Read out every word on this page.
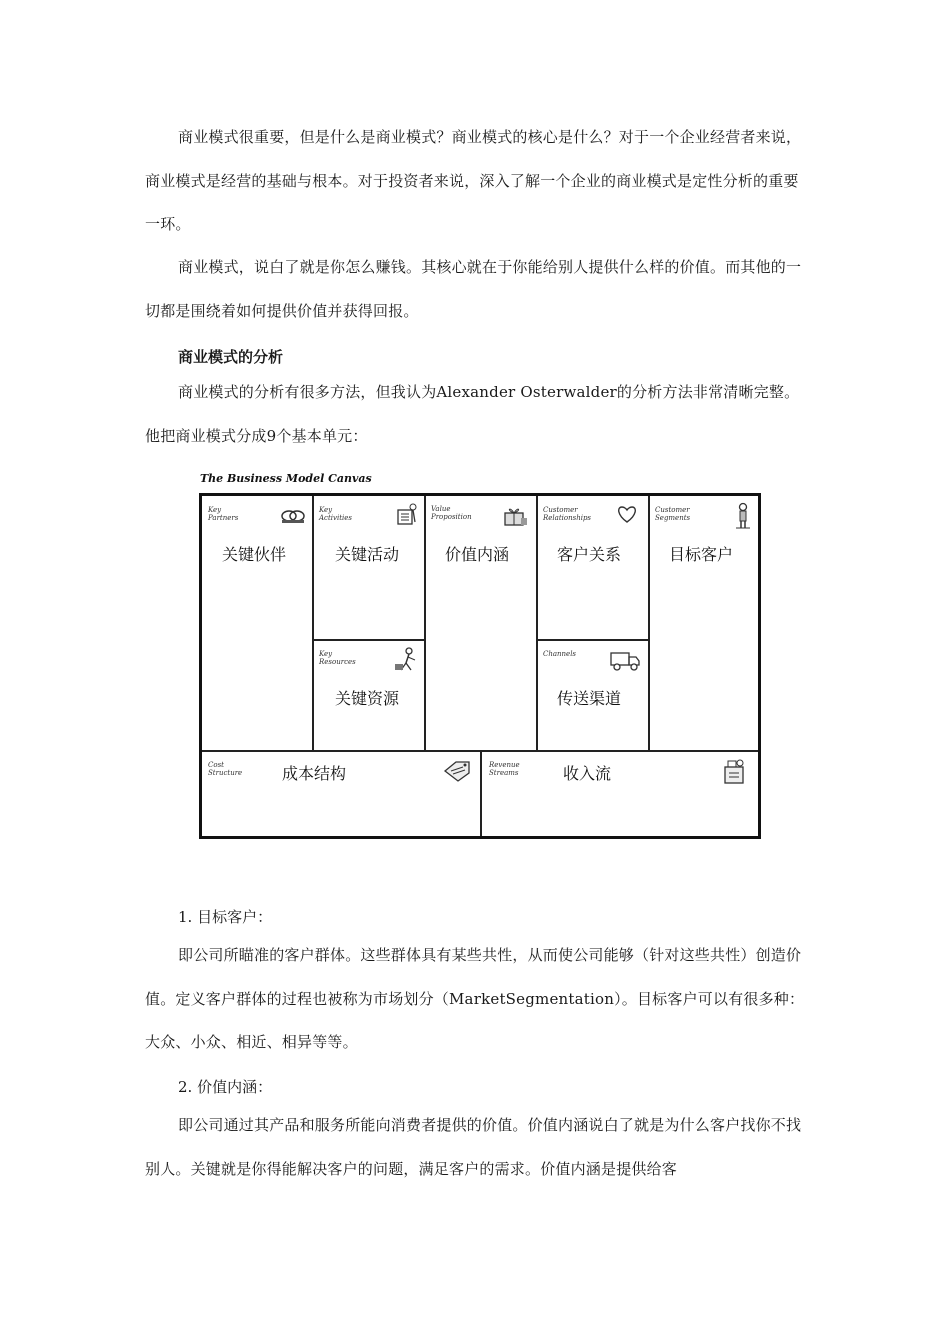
商业模式很重要，但是什么是商业模式？商业模式的核心是什么？对于一个企业经营者来说，商业模式是经营的基础与根本。对于投资者来说，深入了解一个企业的商业模式是定性分析的重要一环。

商业模式，说白了就是你怎么赚钱。其核心就在于你能给别人提供什么样的价值。而其他的一切都是围绕着如何提供价值并获得回报。

商业模式的分析

商业模式的分析有很多方法，但我认为Alexander Osterwalder的分析方法非常清晰完整。他把商业模式分成9个基本单元：

The Business Model Canvas
Key
Partners
关键伙伴
Key
Activities
关键活动
Key
Resources
关键资源
Value
Proposition
价值内涵
Customer
Relationships
客户关系
Channels
传送渠道
Customer
Segments
目标客户
Cost
Structure 成本结构	Revenue
Streams	收入流

1. 目标客户：

即公司所瞄准的客户群体。这些群体具有某些共性，从而使公司能够（针对这些共性）创造价值。定义客户群体的过程也被称为市场划分（MarketSegmentation）。目标客户可以有很多种：大众、小众、相近、相异等等。

2. 价值内涵：

即公司通过其产品和服务所能向消费者提供的价值。价值内涵说白了就是为什么客户找你不找别人。关键就是你得能解决客户的问题，满足客户的需求。价值内涵是提供给客
